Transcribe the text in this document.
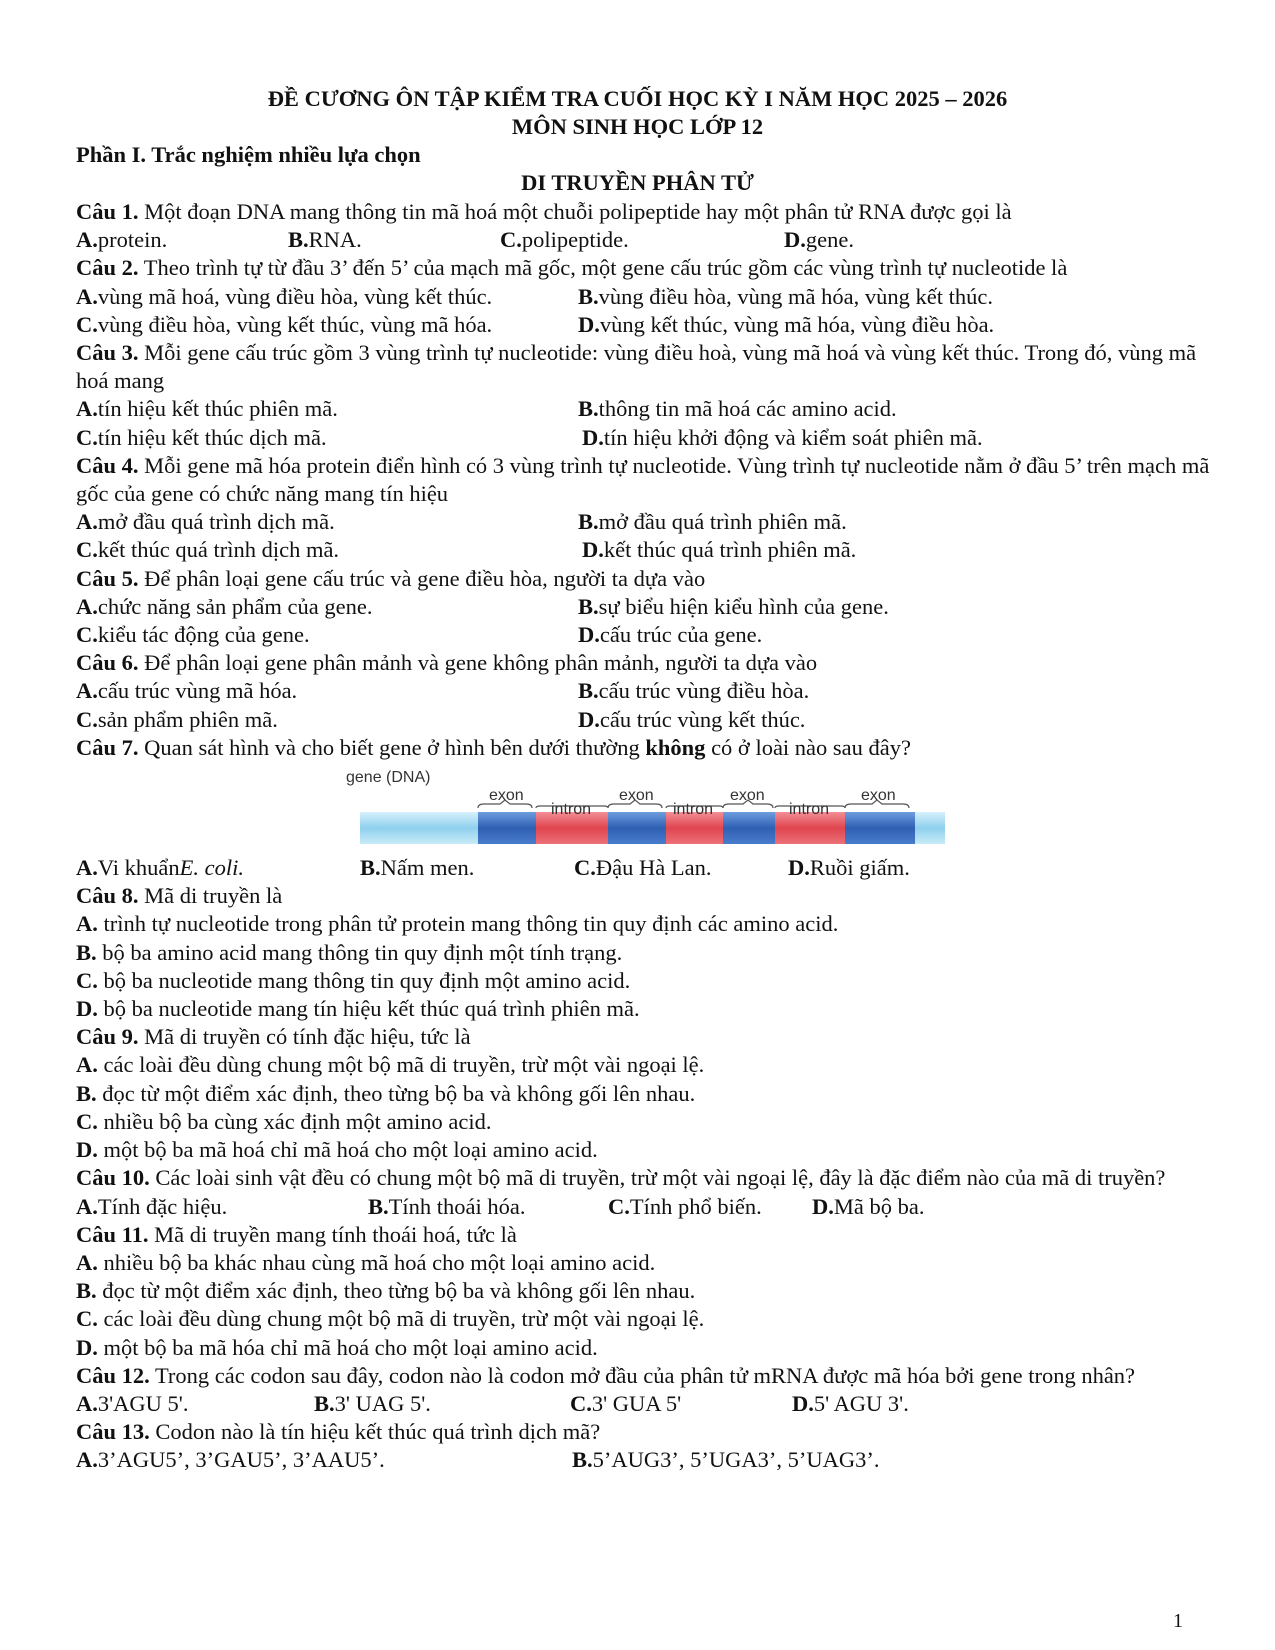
ĐỀ CƯƠNG ÔN TẬP KIỂM TRA CUỐI HỌC KỲ I NĂM HỌC 2025 – 2026
MÔN SINH HỌC LỚP 12
Phần I. Trắc nghiệm nhiều lựa chọn
DI TRUYỀN PHÂN TỬ
Câu 1. Một đoạn DNA mang thông tin mã hoá một chuỗi polipeptide hay một phân tử RNA được gọi là
A.protein.	B.RNA.	C.polipeptide.	D.gene.
Câu 2. Theo trình tự từ đầu 3’ đến 5’ của mạch mã gốc, một gene cấu trúc gồm các vùng trình tự nucleotide là
A.vùng mã hoá, vùng điều hòa, vùng kết thúc.	B.vùng điều hòa, vùng mã hóa, vùng kết thúc.
C.vùng điều hòa, vùng kết thúc, vùng mã hóa.	D.vùng kết thúc, vùng mã hóa, vùng điều hòa.
Câu 3. Mỗi gene cấu trúc gồm 3 vùng trình tự nucleotide: vùng điều hoà, vùng mã hoá và vùng kết thúc. Trong đó, vùng mã hoá mang
A.tín hiệu kết thúc phiên mã.	B.thông tin mã hoá các amino acid.
C.tín hiệu kết thúc dịch mã.	D.tín hiệu khởi động và kiểm soát phiên mã.
Câu 4. Mỗi gene mã hóa protein điển hình có 3 vùng trình tự nucleotide. Vùng trình tự nucleotide nằm ở đầu 5’ trên mạch mã gốc của gene có chức năng mang tín hiệu
A.mở đầu quá trình dịch mã.	B.mở đầu quá trình phiên mã.
C.kết thúc quá trình dịch mã.	D.kết thúc quá trình phiên mã.
Câu 5. Để phân loại gene cấu trúc và gene điều hòa, người ta dựa vào
A.chức năng sản phẩm của gene.	B.sự biểu hiện kiểu hình của gene.
C.kiểu tác động của gene.	D.cấu trúc của gene.
Câu 6. Để phân loại gene phân mảnh và gene không phân mảnh, người ta dựa vào
A.cấu trúc vùng mã hóa.	B.cấu trúc vùng điều hòa.
C.sản phẩm phiên mã.	D.cấu trúc vùng kết thúc.
Câu 7. Quan sát hình và cho biết gene ở hình bên dưới thường không có ở loài nào sau đây?
gene (DNA)
exon	exon	exon	exon
intron	intron	intron
A.Vi khuẩnE. coli.	B.Nấm men.	C.Đậu Hà Lan.	D.Ruồi giấm.
Câu 8. Mã di truyền là
A. trình tự nucleotide trong phân tử protein mang thông tin quy định các amino acid.
B. bộ ba amino acid mang thông tin quy định một tính trạng.
C. bộ ba nucleotide mang thông tin quy định một amino acid.
D. bộ ba nucleotide mang tín hiệu kết thúc quá trình phiên mã.
Câu 9. Mã di truyền có tính đặc hiệu, tức là
A. các loài đều dùng chung một bộ mã di truyền, trừ một vài ngoại lệ.
B. đọc từ một điểm xác định, theo từng bộ ba và không gối lên nhau.
C. nhiều bộ ba cùng xác định một amino acid.
D. một bộ ba mã hoá chỉ mã hoá cho một loại amino acid.
Câu 10. Các loài sinh vật đều có chung một bộ mã di truyền, trừ một vài ngoại lệ, đây là đặc điểm nào của mã di truyền?
A.Tính đặc hiệu.	B.Tính thoái hóa.	C.Tính phổ biến.	D.Mã bộ ba.
Câu 11. Mã di truyền mang tính thoái hoá, tức là
A. nhiều bộ ba khác nhau cùng mã hoá cho một loại amino acid.
B. đọc từ một điểm xác định, theo từng bộ ba và không gối lên nhau.
C. các loài đều dùng chung một bộ mã di truyền, trừ một vài ngoại lệ.
D. một bộ ba mã hóa chỉ mã hoá cho một loại amino acid.
Câu 12. Trong các codon sau đây, codon nào là codon mở đầu của phân tử mRNA được mã hóa bởi gene trong nhân?
A.3'AGU 5'.	B.3' UAG 5'.	C.3' GUA 5'	D.5' AGU 3'.
Câu 13. Codon nào là tín hiệu kết thúc quá trình dịch mã?
A.3’AGU5’, 3’GAU5’, 3’AAU5’.	B.5’AUG3’, 5’UGA3’, 5’UAG3’.
1
